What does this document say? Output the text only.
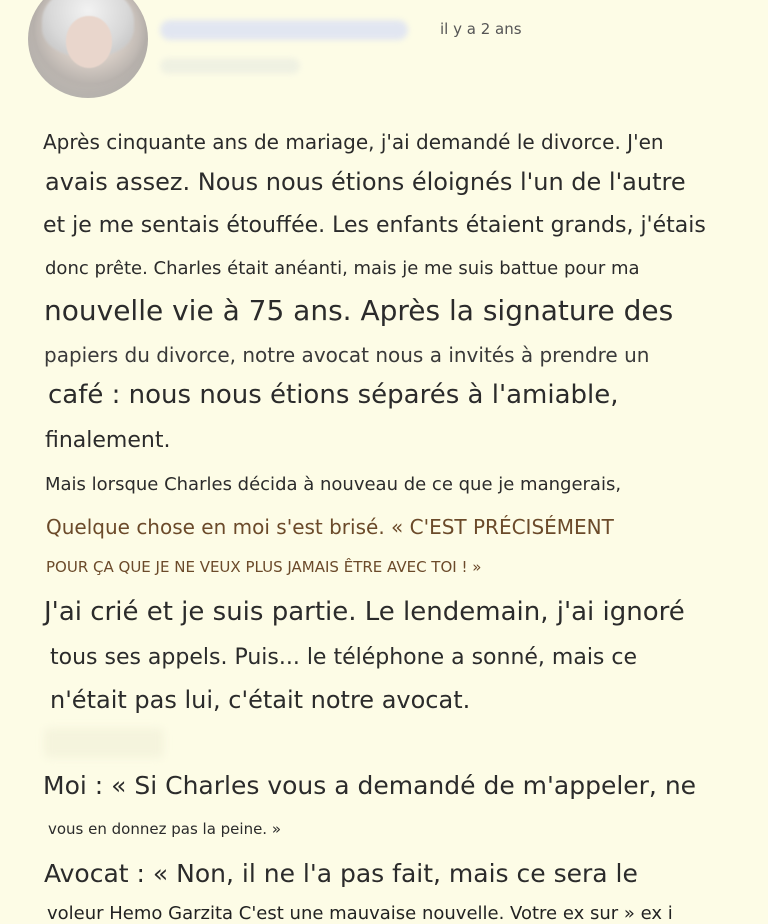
il y a 2 ans
Après cinquante ans de mariage, j'ai demandé le divorce. J'en
avais assez. Nous nous étions éloignés l'un de l'autre
et je me sentais étouffée. Les enfants étaient grands, j'étais
donc prête. Charles était anéanti, mais je me suis battue pour ma
nouvelle vie à 75 ans. Après la signature des
papiers du divorce, notre avocat nous a invités à prendre un
café : nous nous étions séparés à l'amiable,
finalement.
Mais lorsque Charles décida à nouveau de ce que je mangerais,
Quelque chose en moi s'est brisé. « C'EST PRÉCISÉMENT
POUR ÇA QUE JE NE VEUX PLUS JAMAIS ÊTRE AVEC TOI ! »
J'ai crié et je suis partie. Le lendemain, j'ai ignoré
tous ses appels. Puis... le téléphone a sonné, mais ce
n'était pas lui, c'était notre avocat.
Moi : « Si Charles vous a demandé de m'appeler, ne
vous en donnez pas la peine. »
Avocat : « Non, il ne l'a pas fait, mais ce sera le
voleur Hemo Garzita C'est une mauvaise nouvelle. Votre ex sur » ex i
